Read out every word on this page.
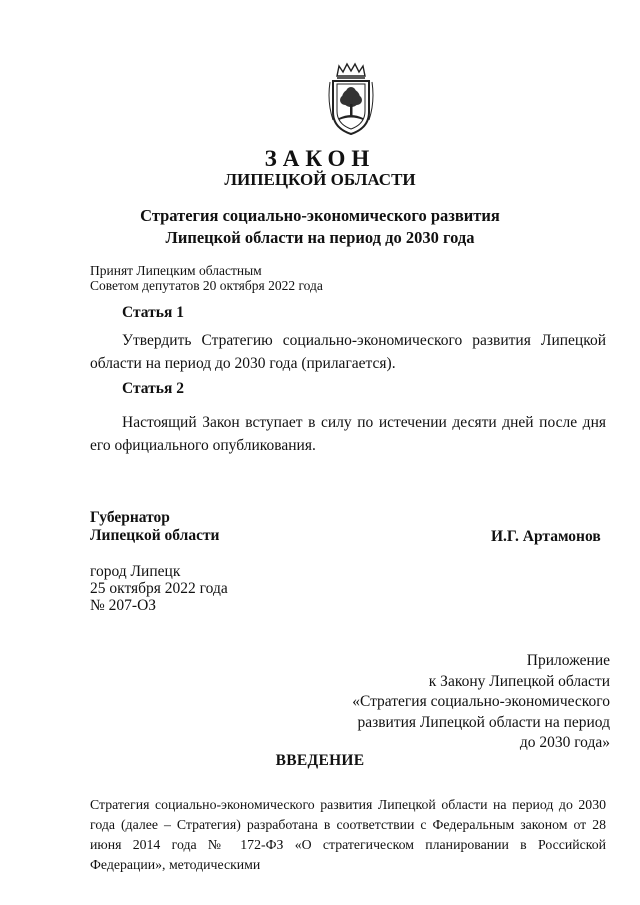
ЗАКОН
ЛИПЕЦКОЙ ОБЛАСТИ
Стратегия социально-экономического развития
Липецкой области на период до 2030 года
Принят Липецким областным
Советом депутатов 20 октября 2022 года
Статья 1
Утвердить Стратегию социально-экономического развития Липецкой области на период до 2030 года (прилагается).
Статья 2
Настоящий Закон вступает в силу по истечении десяти дней после дня его официального опубликования.
Губернатор
Липецкой области	И.Г. Артамонов
город Липецк
25 октября 2022 года
№ 207-ОЗ
Приложение
к Закону Липецкой области
«Стратегия социально-экономического
развития Липецкой области на период
до 2030 года»
ВВЕДЕНИЕ
Стратегия социально-экономического развития Липецкой области на период до 2030 года (далее – Стратегия) разработана в соответствии с Федеральным законом от 28 июня 2014 года № 172-ФЗ «О стратегическом планировании в Российской Федерации», методическими
